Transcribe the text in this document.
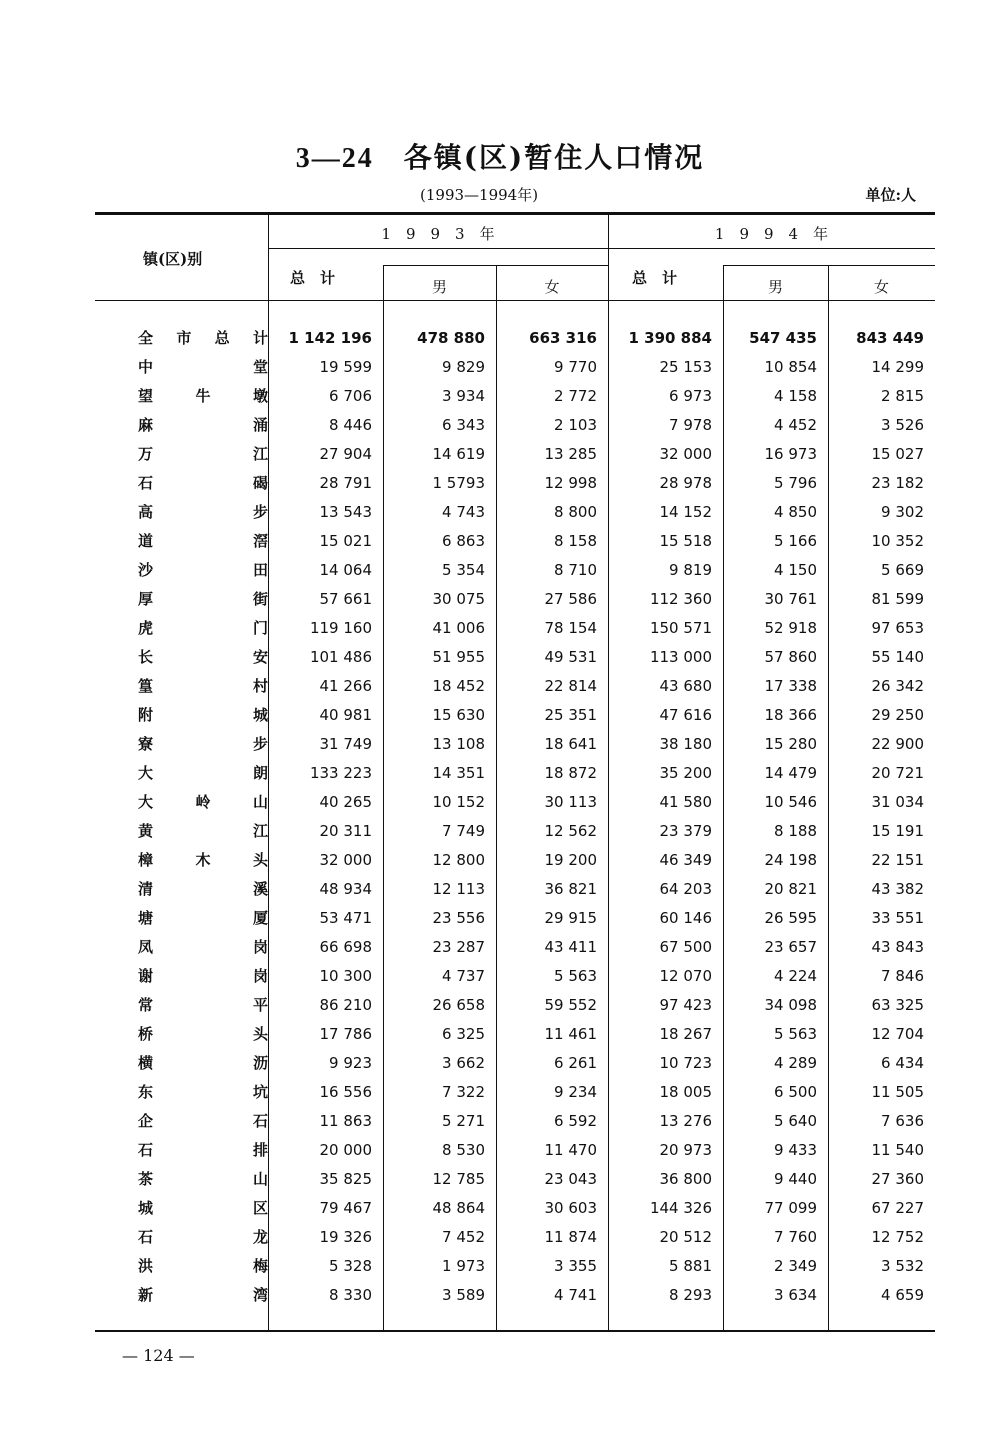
3—24 各镇(区)暂住人口情况
(1993—1994年)	单位:人
镇(区)别
1　9　9　3　年	1　9　9　4　年
总　计	男	女	总　计	男	女
全市总计	1 142 196	478 880	663 316	1 390 884	547 435	843 449
中堂	19 599	9 829	9 770	25 153	10 854	14 299
望牛墩	6 706	3 934	2 772	6 973	4 158	2 815
麻涌	8 446	6 343	2 103	7 978	4 452	3 526
万江	27 904	14 619	13 285	32 000	16 973	15 027
石碣	28 791	1 5793	12 998	28 978	5 796	23 182
高步	13 543	4 743	8 800	14 152	4 850	9 302
道滘	15 021	6 863	8 158	15 518	5 166	10 352
沙田	14 064	5 354	8 710	9 819	4 150	5 669
厚街	57 661	30 075	27 586	112 360	30 761	81 599
虎门	119 160	41 006	78 154	150 571	52 918	97 653
长安	101 486	51 955	49 531	113 000	57 860	55 140
篁村	41 266	18 452	22 814	43 680	17 338	26 342
附城	40 981	15 630	25 351	47 616	18 366	29 250
寮步	31 749	13 108	18 641	38 180	15 280	22 900
大朗	133 223	14 351	18 872	35 200	14 479	20 721
大岭山	40 265	10 152	30 113	41 580	10 546	31 034
黄江	20 311	7 749	12 562	23 379	8 188	15 191
樟木头	32 000	12 800	19 200	46 349	24 198	22 151
清溪	48 934	12 113	36 821	64 203	20 821	43 382
塘厦	53 471	23 556	29 915	60 146	26 595	33 551
凤岗	66 698	23 287	43 411	67 500	23 657	43 843
谢岗	10 300	4 737	5 563	12 070	4 224	7 846
常平	86 210	26 658	59 552	97 423	34 098	63 325
桥头	17 786	6 325	11 461	18 267	5 563	12 704
横沥	9 923	3 662	6 261	10 723	4 289	6 434
东坑	16 556	7 322	9 234	18 005	6 500	11 505
企石	11 863	5 271	6 592	13 276	5 640	7 636
石排	20 000	8 530	11 470	20 973	9 433	11 540
茶山	35 825	12 785	23 043	36 800	9 440	27 360
城区	79 467	48 864	30 603	144 326	77 099	67 227
石龙	19 326	7 452	11 874	20 512	7 760	12 752
洪梅	5 328	1 973	3 355	5 881	2 349	3 532
新湾	8 330	3 589	4 741	8 293	3 634	4 659
— 124 —
